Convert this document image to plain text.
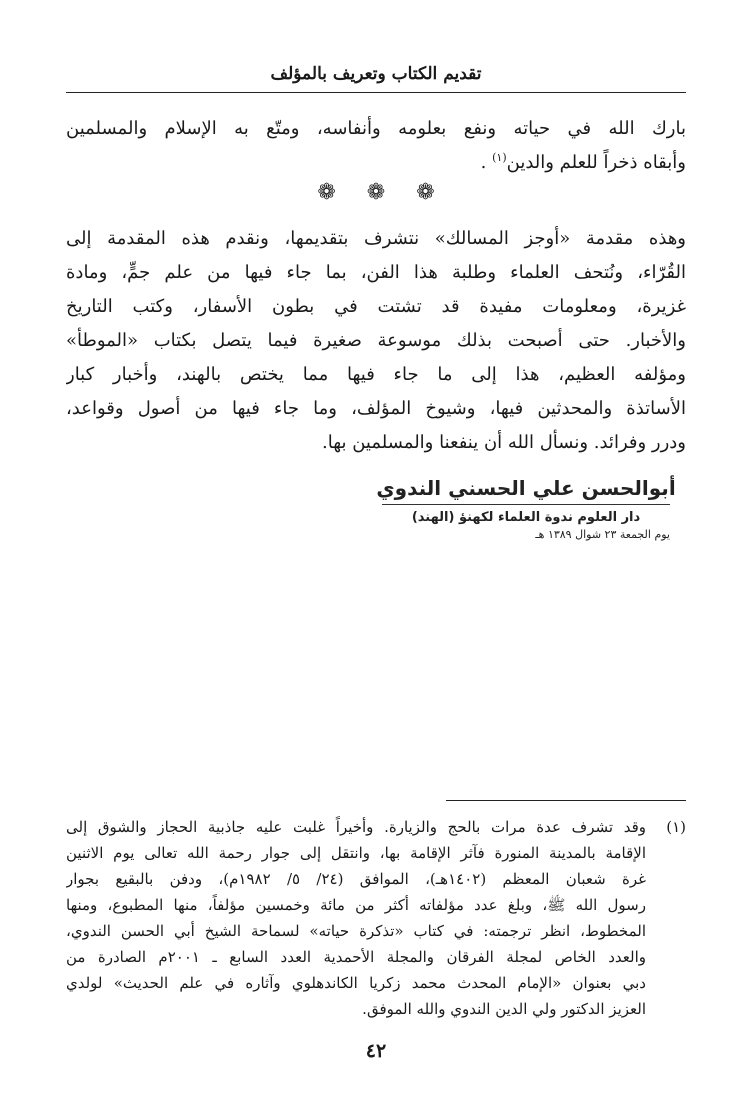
تقديم الكتاب وتعريف بالمؤلف
بارك الله في حياته ونفع بعلومه وأنفاسه، ومتّع به الإسلام والمسلمين
وأبقاه ذخراً للعلم والدين$^{(١)}$ .
❁ ❁ ❁
وهذه مقدمة «أوجز المسالك» نتشرف بتقديمها، ونقدم هذه المقدمة إلى
القُرّاء، ونُتحف العلماء وطلبة هذا الفن، بما جاء فيها من علم جمٍّ، ومادة
غزيرة، ومعلومات مفيدة قد تشتت في بطون الأسفار، وكتب التاريخ
والأخبار. حتى أصبحت بذلك موسوعة صغيرة فيما يتصل بكتاب «الموطأ»
ومؤلفه العظيم، هذا إلى ما جاء فيها مما يختص بالهند، وأخبار كبار
الأساتذة والمحدثين فيها، وشيوخ المؤلف، وما جاء فيها من أصول وقواعد،
ودرر وفرائد. ونسأل الله أن ينفعنا والمسلمين بها.
أبوالحسن علي الحسني الندوي
دار العلوم ندوة العلماء لكهنؤ (الهند)
يوم الجمعة ٢٣ شوال ١٣٨٩ هـ
(١)
وقد تشرف عدة مرات بالحج والزيارة. وأخيراً غلبت عليه جاذبية الحجاز والشوق إلى
الإقامة بالمدينة المنورة فآثر الإقامة بها، وانتقل إلى جوار رحمة الله تعالى يوم الاثنين
غرة شعبان المعظم (١٤٠٢هـ)، الموافق (٢٤/ ٥/ ١٩٨٢م)، ودفن بالبقيع بجوار
رسول الله ﷺ، وبلغ عدد مؤلفاته أكثر من مائة وخمسين مؤلفاً، منها المطبوع، ومنها
المخطوط، انظر ترجمته: في كتاب «تذكرة حياته» لسماحة الشيخ أبي الحسن الندوي،
والعدد الخاص لمجلة الفرقان والمجلة الأحمدية العدد السابع ـ ٢٠٠١م الصادرة من
دبي بعنوان «الإمام المحدث محمد زكريا الكاندهلوي وآثاره في علم الحديث» لولدي
العزيز الدكتور ولي الدين الندوي والله الموفق.
٤٢
